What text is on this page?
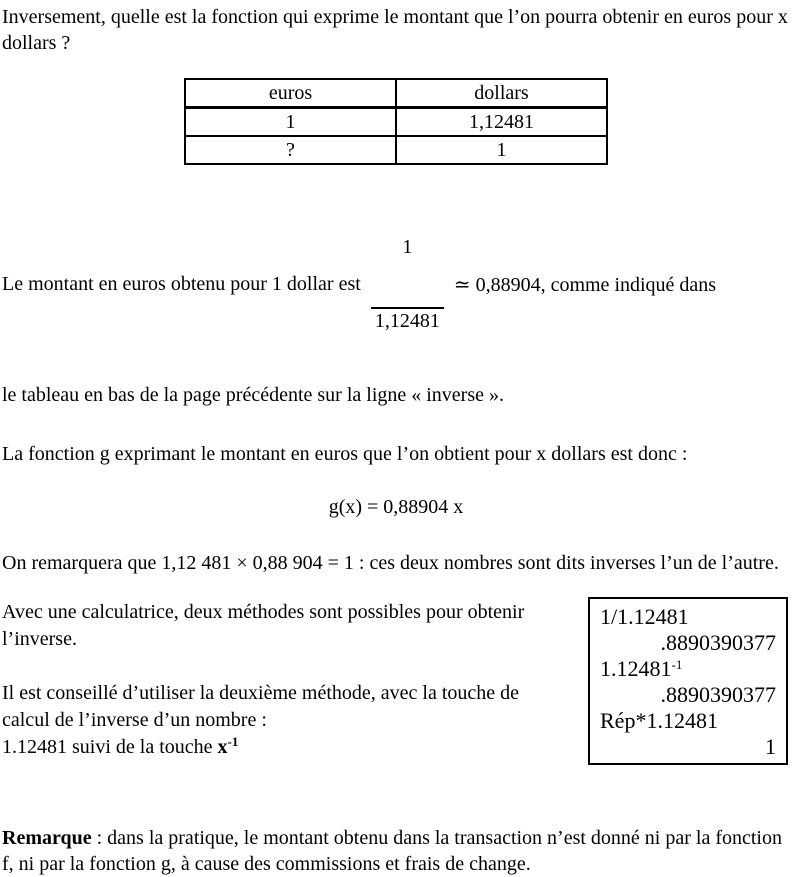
Inversement, quelle est la fonction qui exprime le montant que l’on pourra obtenir en euros pour x dollars ?

euros	dollars
1	1,12481
?	1
Le montant en euros obtenu pour 1 dollar est

$\frac{1}{1,12481}$

≃ 0,88904, comme indiqué dans

le tableau en bas de la page précédente sur la ligne « inverse ».

La fonction g exprimant le montant en euros que l’on obtient pour x dollars est donc :

g(x) = 0,88904 x

On remarquera que 1,12 481 × 0,88 904 = 1 : ces deux nombres sont dits inverses l’un de l’autre.

Avec une calculatrice, deux méthodes sont possibles pour obtenir l’inverse.

Il est conseillé d’utiliser la deuxième méthode, avec la touche de calcul de l’inverse d’un nombre :
1.12481 suivi de la touche $x^{-1}$

1/1.12481
.8890390377
$1.12481^{-1}$
.8890390377
Rép*1.12481
1

Remarque : dans la pratique, le montant obtenu dans la transaction n’est donné ni par la fonction f, ni par la fonction g, à cause des commissions et frais de change.
